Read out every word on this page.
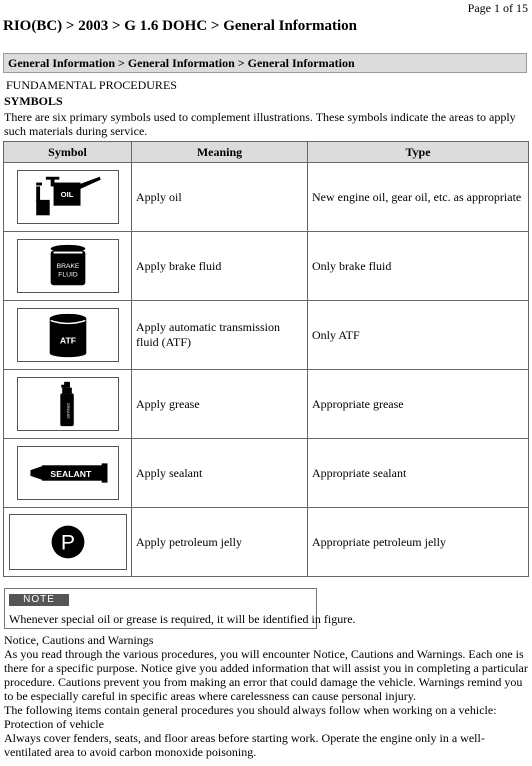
Page 1 of 15
RIO(BC) > 2003 > G 1.6 DOHC > General Information
General Information > General Information > General Information
FUNDAMENTAL PROCEDURES
SYMBOLS
There are six primary symbols used to complement illustrations. These symbols indicate the areas to apply such materials during service.
Symbol	Meaning	Type

OIL	Apply oil	New engine oil, gear oil, etc. as appropriate

BRAKE
FLUID	Apply brake fluid	Only brake fluid

ATF	Apply automatic transmission fluid (ATF)	Only ATF

GREASE	Apply grease	Appropriate grease

SEALANT	Apply sealant	Appropriate sealant

P	Apply petroleum jelly	Appropriate petroleum jelly
NOTE
Whenever special oil or grease is required, it will be identified in figure.

Notice, Cautions and Warnings

As you read through the various procedures, you will encounter Notice, Cautions and Warnings. Each one is there for a specific purpose. Notice give you added information that will assist you in completing a particular procedure. Cautions prevent you from making an error that could damage the vehicle. Warnings remind you to be especially careful in specific areas where carelessness can cause personal injury.

The following items contain general procedures you should always follow when working on a vehicle:

Protection of vehicle

Always cover fenders, seats, and floor areas before starting work. Operate the engine only in a well-ventilated area to avoid carbon monoxide poisoning.
